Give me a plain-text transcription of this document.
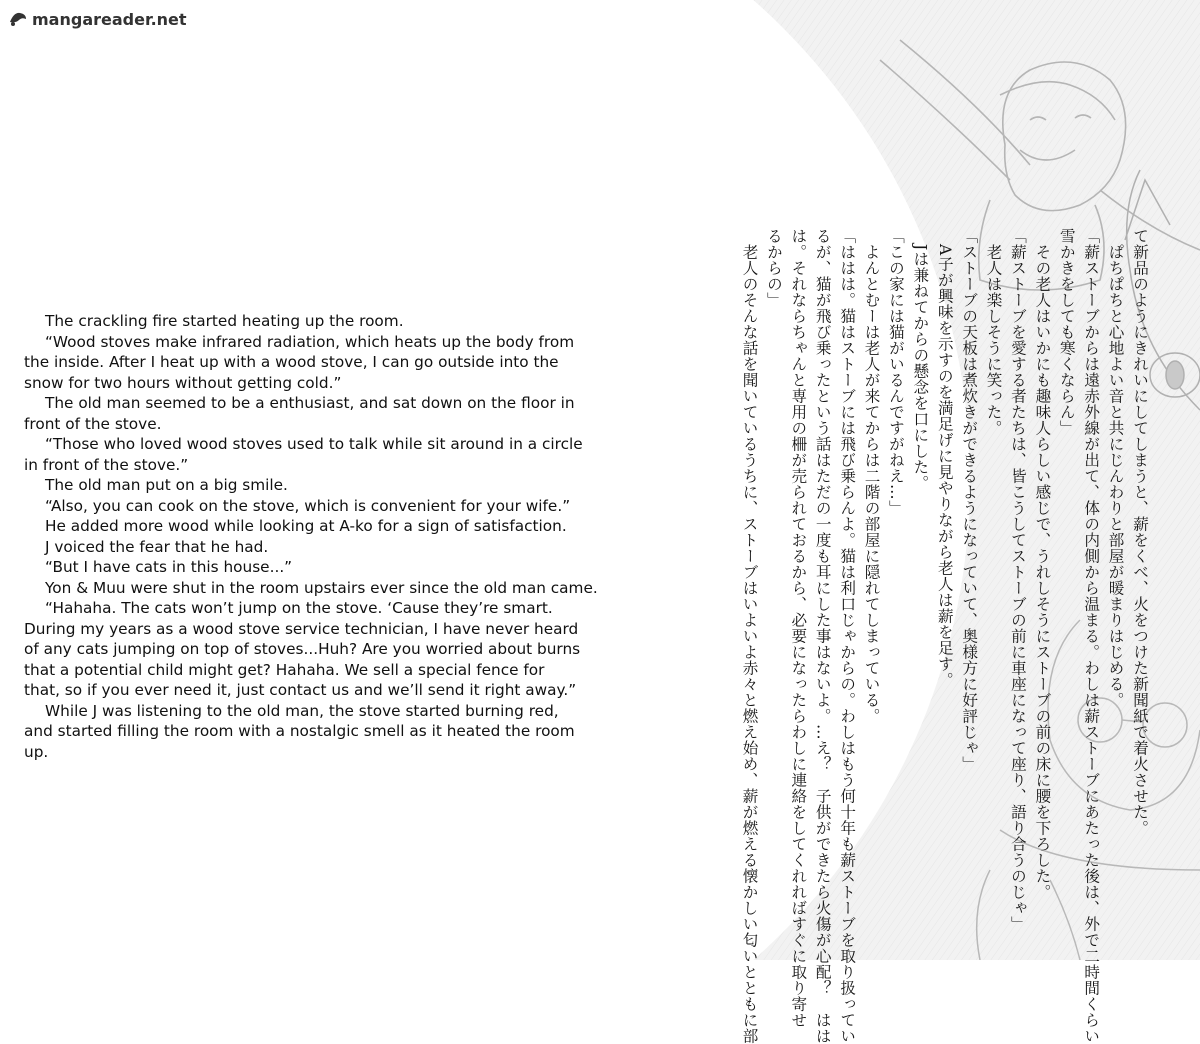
mangareader.net

The crackling fire started heating up the room.

“Wood stoves make infrared radiation, which heats up the body from the inside. After I heat up with a wood stove, I can go outside into the snow for two hours without getting cold.”

The old man seemed to be a enthusiast, and sat down on the floor in front of the stove.

“Those who loved wood stoves used to talk while sit around in a circle in front of the stove.”

The old man put on a big smile.

“Also, you can cook on the stove, which is convenient for your wife.”

He added more wood while looking at A-ko for a sign of satisfaction.

J voiced the fear that he had.

“But I have cats in this house...”

Yon & Muu were shut in the room upstairs ever since the old man came.

“Hahaha. The cats won’t jump on the stove. ‘Cause they’re smart. During my years as a wood stove service technician, I have never heard of any cats jumping on top of stoves...Huh? Are you worried about burns that a potential child might get? Hahaha. We sell a special fence for that, so if you ever need it, just contact us and we’ll send it right away.”

While J was listening to the old man, the stove started burning red, and started filling the room with a nostalgic smell as it heated the room up.	て新品のようにきれいにしてしまうと、薪をくべ、火をつけた新聞紙で着火させた。

　ぱちぱちと心地よい音と共にじんわりと部屋が暖まりはじめる。

「薪ストーブからは遠赤外線が出て、体の内側から温まる。わしは薪ストーブにあたった後は、外で二時間くらい

雪かきをしても寒くならん」

　その老人はいかにも趣味人らしい感じで、うれしそうにストーブの前の床に腰を下ろした。

「薪ストーブを愛する者たちは、皆こうしてストーブの前に車座になって座り、語り合うのじゃ」

　老人は楽しそうに笑った。

「ストーブの天板は煮炊きができるようになっていて、奥様方に好評じゃ」

　A子が興味を示すのを満足げに見やりながら老人は薪を足す。

　Jは兼ねてからの懸念を口にした。

「この家には猫がいるんですがねえ…」

　よんとむーは老人が来てからは二階の部屋に隠れてしまっている。

「ははは。猫はストーブには飛び乗らんよ。猫は利口じゃからの。わしはもう何十年も薪ストーブを取り扱ってい

るが、猫が飛び乗ったという話はただの一度も耳にした事はないよ。…え？　子供ができたら火傷が心配？　はは

は。それならちゃんと専用の柵が売られておるから、必要になったらわしに連絡をしてくれればすぐに取り寄せ

るからの」

　老人のそんな話を聞いているうちに、ストーブはいよいよ赤々と燃え始め、薪が燃える懐かしい匂いとともに部
